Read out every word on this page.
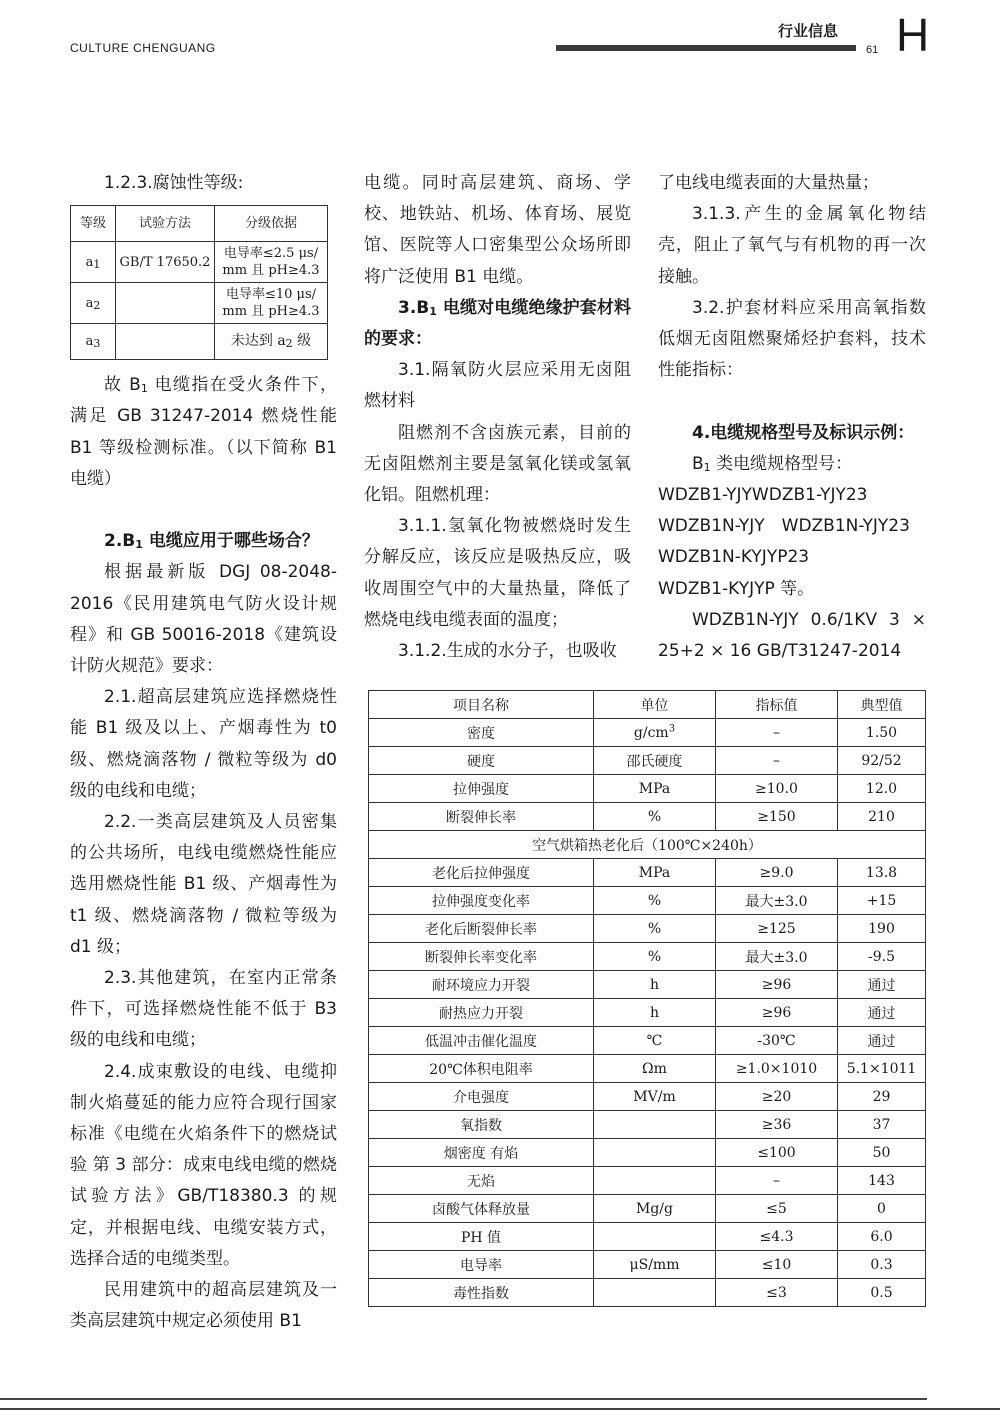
CULTURE CHENGUANG
行业信息
61 H

1.2.3.腐蚀性等级:

等级	试验方法	分级依据
$a_1$	GB/T 17650.2	电导率≤2.5 μs/
mm 且 pH≥4.3
$a_2$		电导率≤10 μs/
mm 且 pH≥4.3
$a_3$		未达到 $a_2$ 级

故 $B_1$ 电缆指在受火条件下，满足 GB 31247-2014 燃烧性能 B1 等级检测标准。（以下简称 B1 电缆）

$2.B_1$ 电缆应用于哪些场合？

根据最新版 DGJ 08-2048-2016《民用建筑电气防火设计规程》和 GB 50016-2018《建筑设计防火规范》要求：

2.1.超高层建筑应选择燃烧性能 B1 级及以上、产烟毒性为 t0 级、燃烧滴落物 / 微粒等级为 d0 级的电线和电缆；

2.2.一类高层建筑及人员密集的公共场所，电线电缆燃烧性能应选用燃烧性能 B1 级、产烟毒性为 t1 级、燃烧滴落物 / 微粒等级为 d1 级；

2.3.其他建筑，在室内正常条件下，可选择燃烧性能不低于 B3 级的电线和电缆；

2.4.成束敷设的电线、电缆抑制火焰蔓延的能力应符合现行国家标准《电缆在火焰条件下的燃烧试验 第 3 部分：成束电线电缆的燃烧试验方法》GB/T18380.3 的规定，并根据电线、电缆安装方式，选择合适的电缆类型。

民用建筑中的超高层建筑及一类高层建筑中规定必须使用 B1

电缆。同时高层建筑、商场、学校、地铁站、机场、体育场、展览馆、医院等人口密集型公众场所即将广泛使用 B1 电缆。

$3.B_1$ 电缆对电缆绝缘护套材料的要求：

3.1.隔氧防火层应采用无卤阻燃材料

阻燃剂不含卤族元素，目前的无卤阻燃剂主要是氢氧化镁或氢氧化铝。阻燃机理：

3.1.1.氢氧化物被燃烧时发生分解反应，该反应是吸热反应，吸收周围空气中的大量热量，降低了燃烧电线电缆表面的温度；

3.1.2.生成的水分子，也吸收

了电线电缆表面的大量热量；

3.1.3.产生的金属氧化物结壳，阻止了氧气与有机物的再一次接触。

3.2.护套材料应采用高氧指数低烟无卤阻燃聚烯烃护套料，技术性能指标：

4.电缆规格型号及标识示例：

$B_1$ 类电缆规格型号：

WDZB1-YJYWDZB1-YJY23

WDZB1N-YJY　WDZB1N-YJY23

WDZB1N-KYJYP23

WDZB1-KYJYP 等。

WDZB1N-YJY 0.6/1KV 3 × 25+2 × 16 GB/T31247-2014

项目名称	单位	指标值	典型值
密度	$g/cm^3$	–	1.50
硬度	邵氏硬度	–	92/52
拉伸强度	MPa	≥10.0	12.0
断裂伸长率	%	≥150	210
空气烘箱热老化后（100℃×240h）			
老化后拉伸强度	MPa	≥9.0	13.8
拉伸强度变化率	%	最大±3.0	+15
老化后断裂伸长率	%	≥125	190
断裂伸长率变化率	%	最大±3.0	-9.5
耐环境应力开裂	h	≥96	通过
耐热应力开裂	h	≥96	通过
低温冲击催化温度	℃	-30℃	通过
20℃体积电阻率	Ωm	≥1.0×1010	5.1×1011
介电强度	MV/m	≥20	29
氧指数		≥36	37
烟密度 有焰		≤100	50
无焰		–	143
卤酸气体释放量	Mg/g	≤5	0
PH 值		≤4.3	6.0
电导率	μS/mm	≤10	0.3
毒性指数		≤3	0.5
